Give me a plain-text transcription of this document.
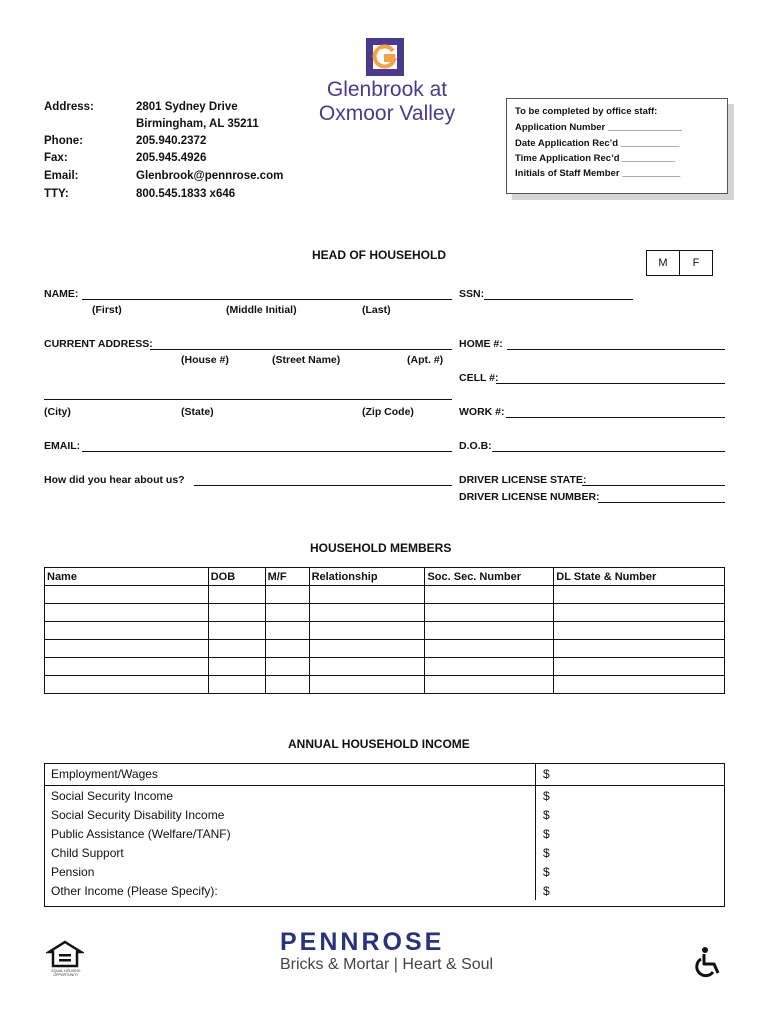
Glenbrook at
Oxmoor Valley
Address:	2801 Sydney Drive
Birmingham, AL 35211
Phone:	205.940.2372
Fax:	205.945.4926
Email:	Glenbrook@pennrose.com
TTY:	800.545.1833 x646
To be completed by office staff:
Application Number ______________
Date Application Rec’d ___________
Time Application Rec’d __________
Initials of Staff Member ___________
HEAD OF HOUSEHOLD
M	F
NAME:
(First)	(Middle Initial)	(Last)
SSN:
CURRENT ADDRESS:
(House #)	(Street Name)	(Apt. #)
HOME #:
CELL #:
(City)	(State)	(Zip Code)	WORK #:
EMAIL:	D.O.B:
How did you hear about us?	DRIVER LICENSE STATE:
DRIVER LICENSE NUMBER:
HOUSEHOLD MEMBERS
Name	DOB	M/F	Relationship	Soc. Sec. Number	DL State & Number

ANNUAL HOUSEHOLD INCOME
Employment/Wages	$
Social Security Income	$
Social Security Disability Income	$
Public Assistance (Welfare/TANF)	$
Child Support	$
Pension	$
Other Income (Please Specify):	$
EQUAL HOUSING OPPORTUNITY
PENNROSE
Bricks & Mortar | Heart & Soul
